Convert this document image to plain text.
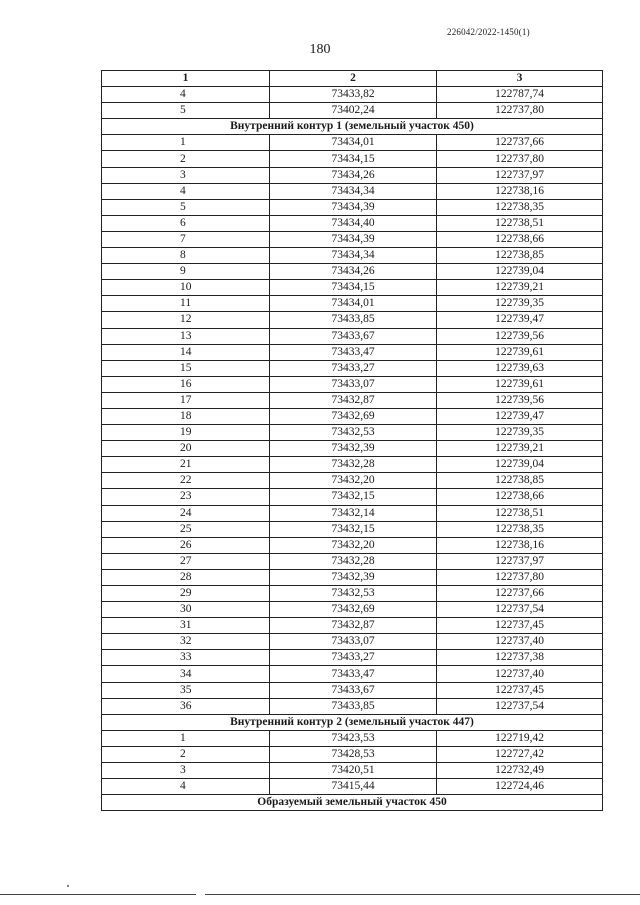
226042/2022-1450(1)
180
1	2	3
4	73433,82	122787,74
5	73402,24	122737,80
Внутренний контур 1 (земельный участок 450)		
1	73434,01	122737,66
2	73434,15	122737,80
3	73434,26	122737,97
4	73434,34	122738,16
5	73434,39	122738,35
6	73434,40	122738,51
7	73434,39	122738,66
8	73434,34	122738,85
9	73434,26	122739,04
10	73434,15	122739,21
11	73434,01	122739,35
12	73433,85	122739,47
13	73433,67	122739,56
14	73433,47	122739,61
15	73433,27	122739,63
16	73433,07	122739,61
17	73432,87	122739,56
18	73432,69	122739,47
19	73432,53	122739,35
20	73432,39	122739,21
21	73432,28	122739,04
22	73432,20	122738,85
23	73432,15	122738,66
24	73432,14	122738,51
25	73432,15	122738,35
26	73432,20	122738,16
27	73432,28	122737,97
28	73432,39	122737,80
29	73432,53	122737,66
30	73432,69	122737,54
31	73432,87	122737,45
32	73433,07	122737,40
33	73433,27	122737,38
34	73433,47	122737,40
35	73433,67	122737,45
36	73433,85	122737,54
Внутренний контур 2 (земельный участок 447)		
1	73423,53	122719,42
2	73428,53	122727,42
3	73420,51	122732,49
4	73415,44	122724,46
Образуемый земельный участок 450		
